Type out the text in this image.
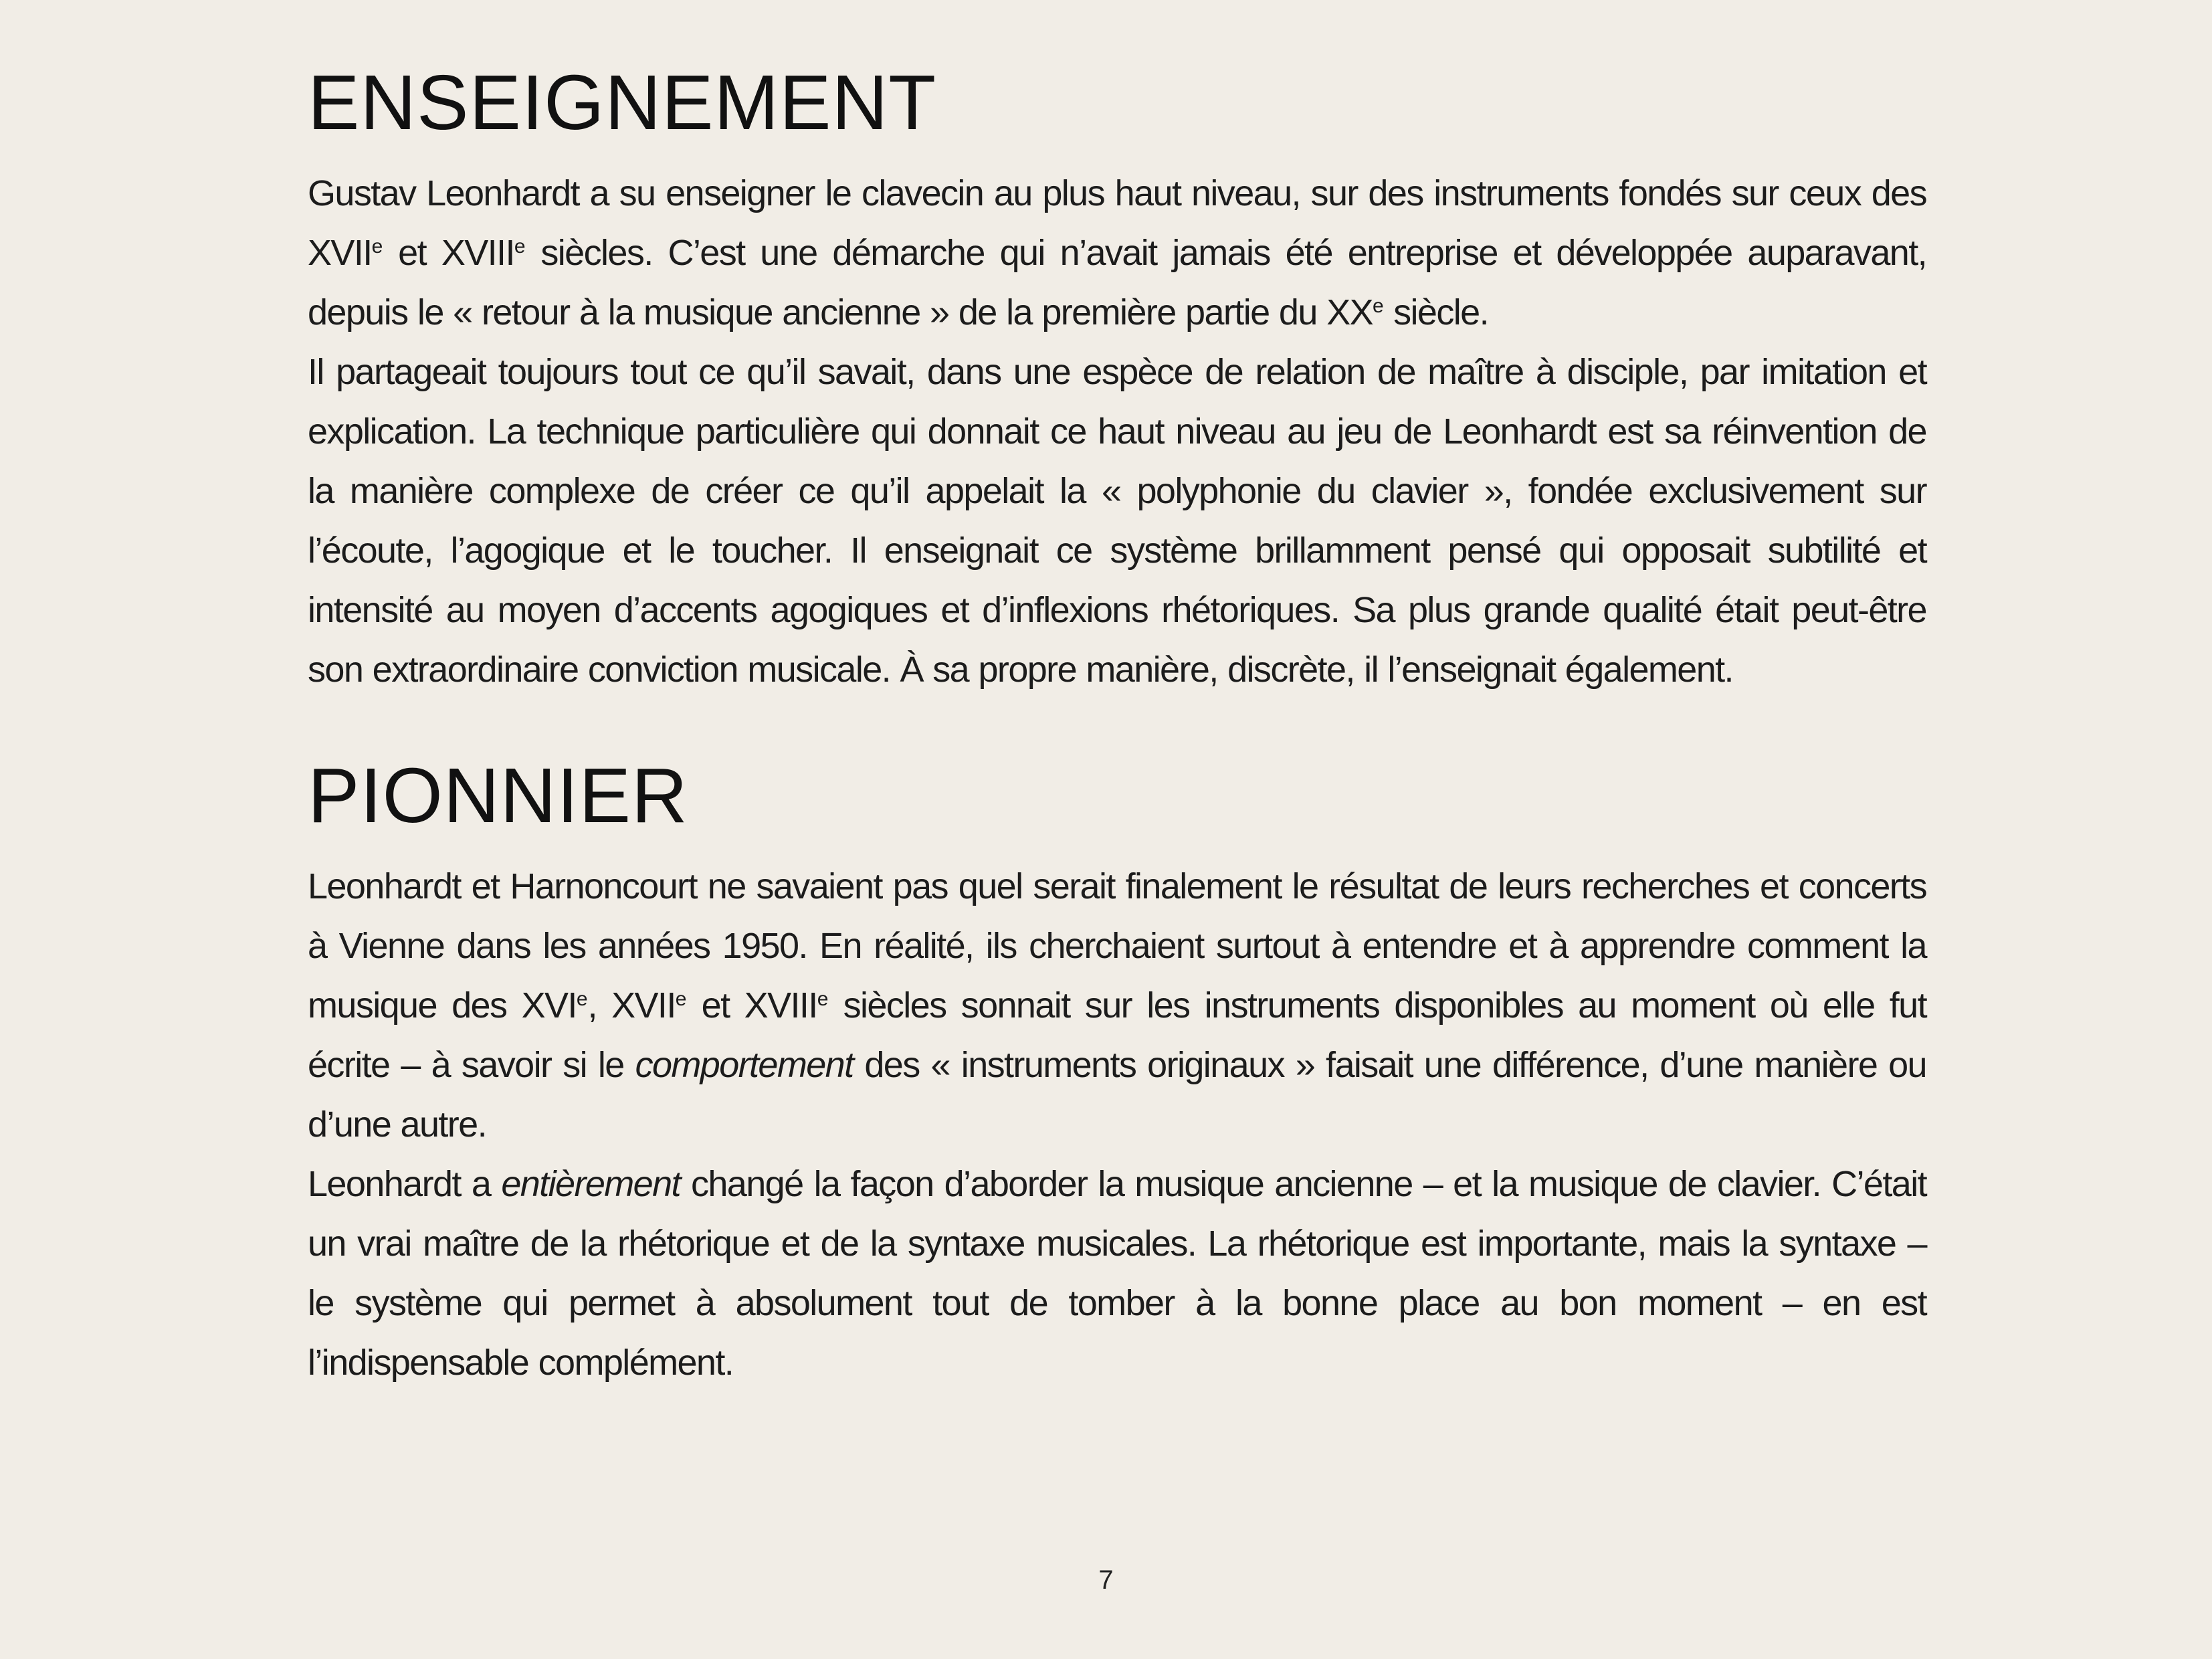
ENSEIGNEMENT

Gustav Leonhardt a su enseigner le clavecin au plus haut niveau, sur des instruments fondés sur ceux des XVIIe et XVIIIe siècles. C’est une démarche qui n’avait jamais été entreprise et développée auparavant, depuis le « retour à la musique ancienne » de la première partie du XXe siècle.

Il partageait toujours tout ce qu’il savait, dans une espèce de relation de maître à disciple, par imitation et explication. La technique particulière qui donnait ce haut niveau au jeu de Leonhardt est sa réinvention de la manière complexe de créer ce qu’il appelait la « polyphonie du clavier », fondée exclusivement sur l’écoute, l’agogique et le toucher. Il enseignait ce système brillamment pensé qui opposait subtilité et intensité au moyen d’accents agogiques et d’inflexions rhétoriques. Sa plus grande qualité était peut-être son extraordinaire conviction musicale. À sa propre manière, discrète, il l’enseignait également.

PIONNIER

Leonhardt et Harnoncourt ne savaient pas quel serait finalement le résultat de leurs recherches et concerts à Vienne dans les années 1950. En réalité, ils cherchaient surtout à entendre et à apprendre comment la musique des XVIe, XVIIe et XVIIIe siècles sonnait sur les instruments disponibles au moment où elle fut écrite – à savoir si le comportement des « instruments originaux » faisait une différence, d’une manière ou d’une autre.

Leonhardt a entièrement changé la façon d’aborder la musique ancienne – et la musique de clavier. C’était un vrai maître de la rhétorique et de la syntaxe musicales. La rhétorique est importante, mais la syntaxe – le système qui permet à absolument tout de tomber à la bonne place au bon moment – en est l’indispensable complément.

7
